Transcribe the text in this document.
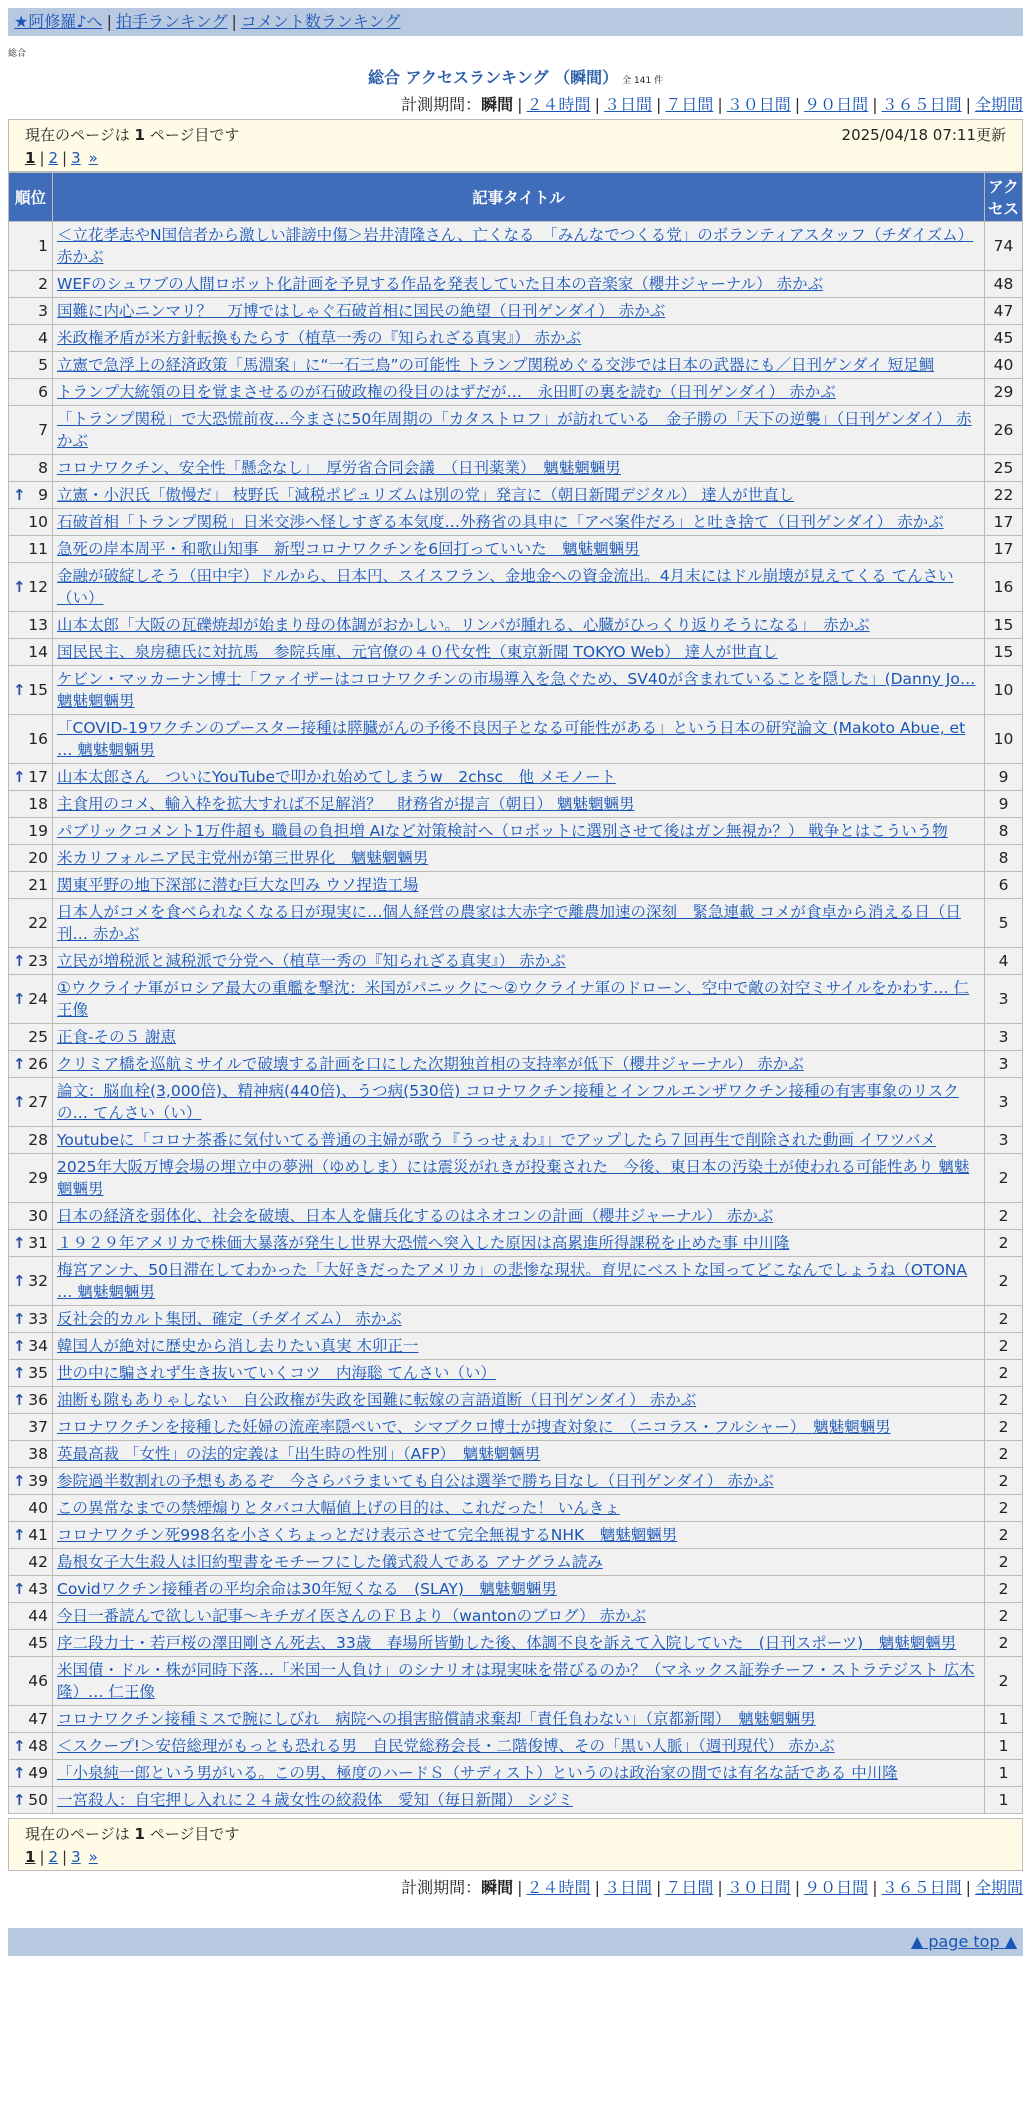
★阿修羅♪へ | 拍手ランキング | コメント数ランキング
総合
総合 アクセスランキング （瞬間） 全 141 件
計測期間：瞬間 | ２４時間 | ３日間 | ７日間 | ３０日間 | ９０日間 | ３６５日間 | 全期間
現在のページは 1 ページ目です	2025/04/18 07:11更新
1 | 2 | 3 »
順位	記事タイトル	アクセス
1	＜立花孝志やN国信者から激しい誹謗中傷＞岩井清隆さん、亡くなる　「みんなでつくる党」のボランティアスタッフ（チダイズム） 赤かぶ	74
2	WEFのシュワブの人間ロボット化計画を予見する作品を発表していた日本の音楽家（櫻井ジャーナル） 赤かぶ	48
3	国難に内心ニンマリ？　万博ではしゃぐ石破首相に国民の絶望（日刊ゲンダイ） 赤かぶ	47
4	米政権矛盾が米方針転換もたらす（植草一秀の『知られざる真実』） 赤かぶ	45
5	立憲で急浮上の経済政策「馬淵案」に“一石三鳥”の可能性 トランプ関税めぐる交渉では日本の武器にも／日刊ゲンダイ 短足鯛	40
6	トランプ大統領の目を覚まさせるのが石破政権の役目のはずだが…　永田町の裏を読む（日刊ゲンダイ） 赤かぶ	29
7	「トランプ関税」で大恐慌前夜…今まさに50年周期の「カタストロフ」が訪れている　金子勝の「天下の逆襲」（日刊ゲンダイ） 赤かぶ	26
8	コロナワクチン、安全性「懸念なし」　厚労省合同会議　（日刊薬業）　魑魅魍魎男	25

↑ 9	立憲・小沢氏「傲慢だ」 枝野氏「減税ポピュリズムは別の党」発言に（朝日新聞デジタル） 達人が世直し	22
10	石破首相「トランプ関税」日米交渉へ怪しすぎる本気度…外務省の具申に「アベ案件だろ」と吐き捨て（日刊ゲンダイ） 赤かぶ	17
11	急死の岸本周平・和歌山知事　新型コロナワクチンを6回打っていいた　魑魅魍魎男	17

↑ 12	金融が破綻しそう（田中宇）ドルから、日本円、スイスフラン、金地金への資金流出。4月末にはドル崩壊が見えてくる てんさい（い）	16
13	山本太郎「大阪の瓦礫焼却が始まり母の体調がおかしい。リンパが腫れる、心臓がひっくり返りそうになる」　赤かぶ	15
14	国民民主、泉房穂氏に対抗馬　参院兵庫、元官僚の４０代女性（東京新聞 TOKYO Web） 達人が世直し	15

↑ 15	ケビン・マッカーナン博士「ファイザーはコロナワクチンの市場導入を急ぐため、SV40が含まれていることを隠した」(Danny Jo… 魑魅魍魎男	10
16	「COVID-19ワクチンのブースター接種は膵臓がんの予後不良因子となる可能性がある」という日本の研究論文 (Makoto Abue, et … 魑魅魍魎男	10

↑ 17	山本太郎さん　ついにYouTubeで叩かれ始めてしまうw　2chsc　他 メモノート	9
18	主食用のコメ、輸入枠を拡大すれば不足解消？　財務省が提言（朝日） 魑魅魍魎男	9
19	パブリックコメント1万件超も 職員の負担増 AIなど対策検討へ（ロボットに選別させて後はガン無視か？） 戦争とはこういう物	8
20	米カリフォルニア民主党州が第三世界化　魑魅魍魎男	8
21	関東平野の地下深部に潜む巨大な凹み ウソ捏造工場	6
22	日本人がコメを食べられなくなる日が現実に…個人経営の農家は大赤字で離農加速の深刻　緊急連載 コメが食卓から消える日（日刊… 赤かぶ	5

↑ 23	立民が増税派と減税派で分党へ（植草一秀の『知られざる真実』） 赤かぶ	4

↑ 24	①ウクライナ軍がロシア最大の重艦を撃沈：米国がパニックに～②ウクライナ軍のドローン、空中で敵の対空ミサイルをかわす… 仁王像	3
25	正食-その５ 謝恵	3

↑ 26	クリミア橋を巡航ミサイルで破壊する計画を口にした次期独首相の支持率が低下（櫻井ジャーナル） 赤かぶ	3

↑ 27	論文：脳血栓(3,000倍)、精神病(440倍)、うつ病(530倍) コロナワクチン接種とインフルエンザワクチン接種の有害事象のリスクの… てんさい（い）	3
28	Youtubeに「コロナ茶番に気付いてる普通の主婦が歌う『うっせぇわ』」でアップしたら７回再生で削除された動画 イワツバメ	3
29	2025年大阪万博会場の埋立中の夢洲（ゆめしま）には震災がれきが投棄された　今後、東日本の汚染土が使われる可能性あり 魑魅魍魎男	2
30	日本の経済を弱体化、社会を破壊、日本人を傭兵化するのはネオコンの計画（櫻井ジャーナル） 赤かぶ	2

↑ 31	１９２９年アメリカで株価大暴落が発生し世界大恐慌へ突入した原因は高累進所得課税を止めた事 中川隆	2

↑ 32	梅宮アンナ、50日滞在してわかった「大好きだったアメリカ」の悲惨な現状。育児にベストな国ってどこなんでしょうね（OTONA … 魑魅魍魎男	2

↑ 33	反社会的カルト集団、確定（チダイズム） 赤かぶ	2

↑ 34	韓国人が絶対に歴史から消し去りたい真実 木卯正一	2

↑ 35	世の中に騙されず生き抜いていくコツ　内海聡 てんさい（い）	2

↑ 36	油断も隙もありゃしない　自公政権が失政を国難に転嫁の言語道断（日刊ゲンダイ） 赤かぶ	2
37	コロナワクチンを接種した妊婦の流産率隠ぺいで、シマブクロ博士が捜査対象に　（ニコラス・フルシャー）　魑魅魍魎男	2
38	英最高裁 「女性」の法的定義は「出生時の性別」（AFP）　魑魅魍魎男	2

↑ 39	参院過半数割れの予想もあるぞ　今さらバラまいても自公は選挙で勝ち目なし（日刊ゲンダイ） 赤かぶ	2
40	この異常なまでの禁煙煽りとタバコ大幅値上げの目的は、これだった！ いんきょ	2

↑ 41	コロナワクチン死998名を小さくちょっとだけ表示させて完全無視するNHK　魑魅魍魎男	2
42	島根女子大生殺人は旧約聖書をモチーフにした儀式殺人である アナグラム読み	2

↑ 43	Covidワクチン接種者の平均余命は30年短くなる　(SLAY)　魑魅魍魎男	2
44	今日一番読んで欲しい記事～キチガイ医さんのＦＢより（wantonのブログ） 赤かぶ	2
45	序二段力士・若戸桜の澤田剛さん死去、33歳　春場所皆勤した後、体調不良を訴えて入院していた　(日刊スポーツ)　魑魅魍魎男	2
46	米国債・ドル・株が同時下落…「米国一人負け」のシナリオは現実味を帯びるのか？（マネックス証券チーフ・ストラテジスト 広木隆）… 仁王像	2
47	コロナワクチン接種ミスで腕にしびれ　病院への損害賠償請求棄却「責任負わない」（京都新聞）　魑魅魍魎男	1

↑ 48	＜スクープ!＞安倍総理がもっとも恐れる男　自民党総務会長・二階俊博、その「黒い人脈」（週刊現代） 赤かぶ	1

↑ 49	「小泉純一郎という男がいる。この男、極度のハードＳ（サディスト）というのは政治家の間では有名な話である 中川隆	1

↑ 50	一宮殺人：自宅押し入れに２４歳女性の絞殺体　愛知（毎日新聞） シジミ	1
現在のページは 1 ページ目です
1 | 2 | 3 »
計測期間：瞬間 | ２４時間 | ３日間 | ７日間 | ３０日間 | ９０日間 | ３６５日間 | 全期間
▲ page top ▲
